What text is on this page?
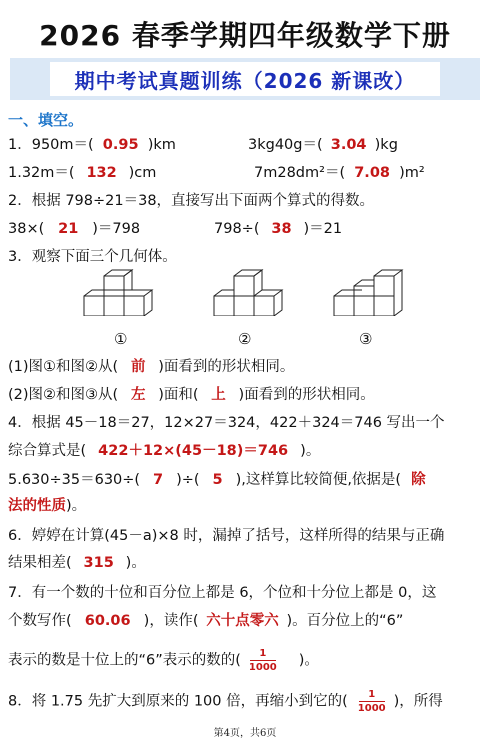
2026 春季学期四年级数学下册
期中考试真题训练（2026 新课改）
一、填空。
1．950m＝( 0.95 )km	3kg40g＝( 3.04 )kg
1.32m＝( 132 )cm	7m28dm²＝( 7.08 )m²
2．根据 798÷21＝38，直接写出下面两个算式的得数。
38×( 21 )＝798	798÷( 38 )＝21
3．观察下面三个几何体。
①	②	③
(1)图①和图②从( 前 )面看到的形状相同。
(2)图②和图③从( 左 )面和( 上 )面看到的形状相同。
4．根据 45－18＝27，12×27＝324，422＋324＝746 写出一个
综合算式是( 422＋12×(45－18)＝746 )。
5.630÷35＝630÷( 7 )÷( 5 ),这样算比较简便,依据是( 除
法的性质)。
6．婷婷在计算(45－a)×8 时，漏掉了括号，这样所得的结果与正确
结果相差( 315 )。
7．有一个数的十位和百分位上都是 6，个位和十分位上都是 0，这
个数写作( 60.06 )，读作( 六十点零六 )。百分位上的“6”
表示的数是十位上的“6”表示的数的( $\frac{1}{1000}$ )。
8．将 1.75 先扩大到原来的 100 倍，再缩小到它的( $\frac{1}{1000}$ )，所得
第4页，共6页
